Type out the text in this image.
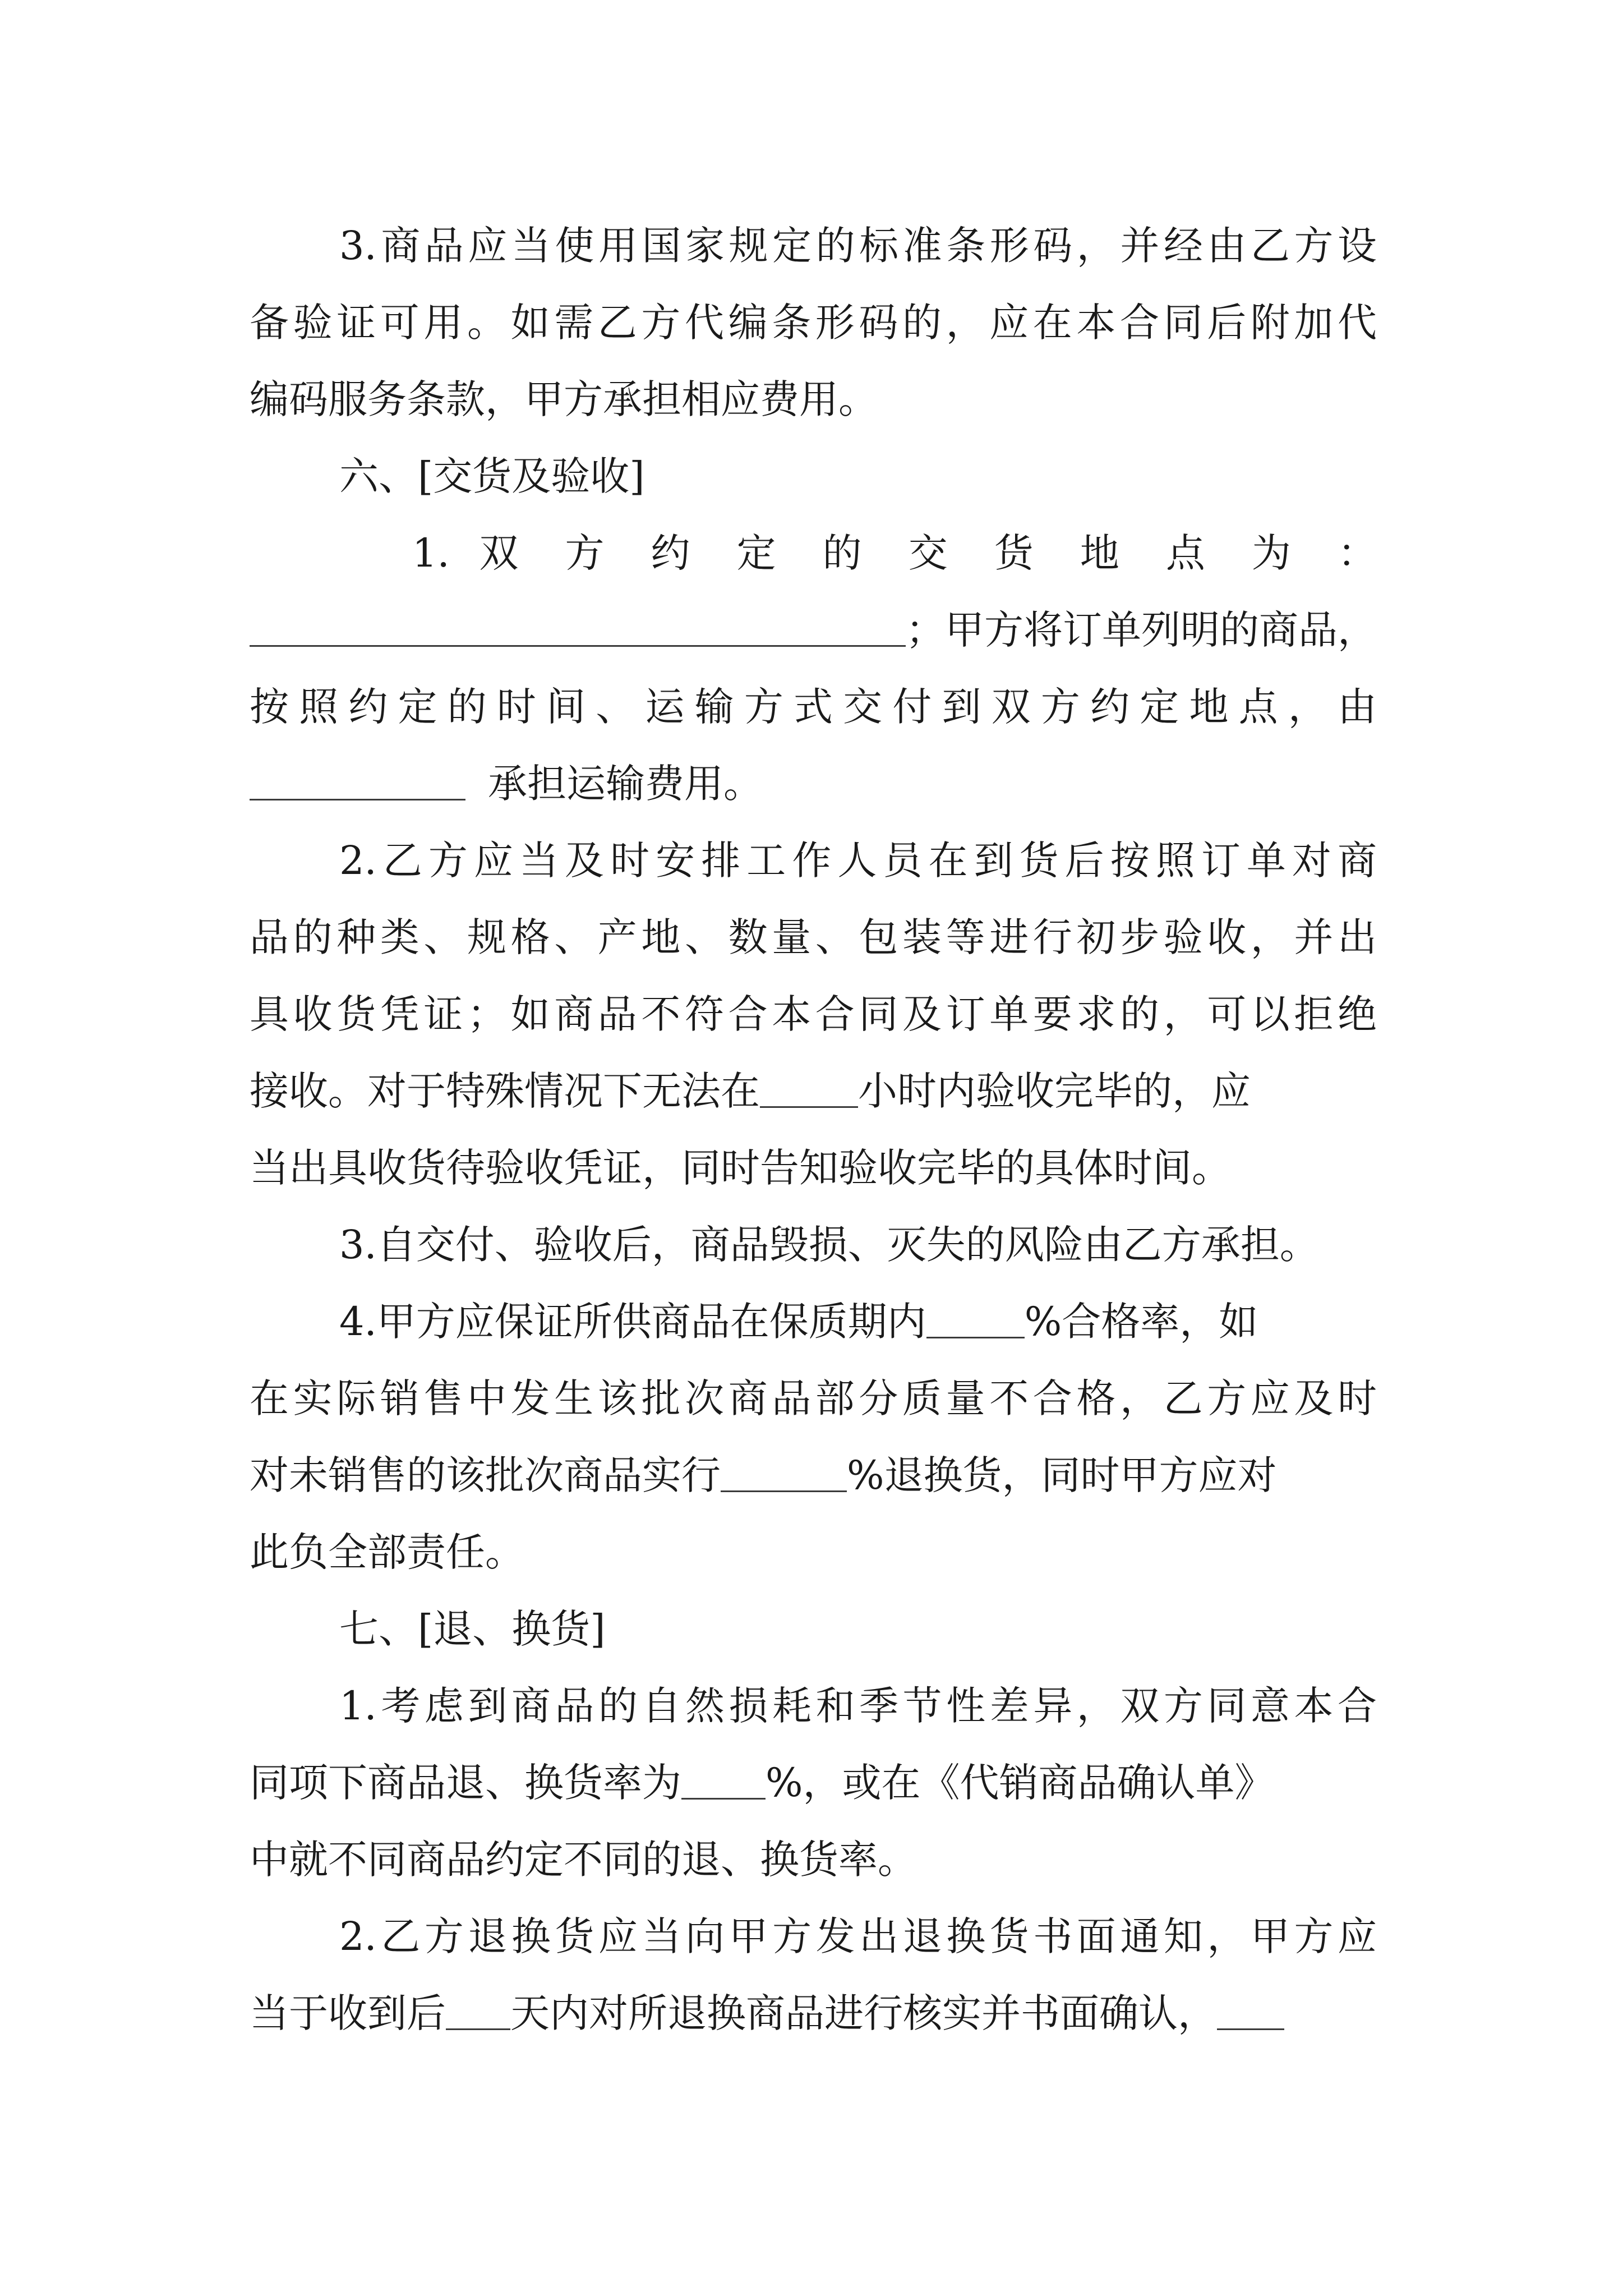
3.商品应当使用国家规定的标准条形码，并经由乙方设
备验证可用。如需乙方代编条形码的，应在本合同后附加代
编码服务条款，甲方承担相应费用。
六、[交货及验收]
1. 双 方 约 定 的 交 货 地 点 为 ：
；甲方将订单列明的商品，
按照约定的时间、运输方式交付到双方约定地点，由
承担运输费用。
2.乙方应当及时安排工作人员在到货后按照订单对商
品的种类、规格、产地、数量、包装等进行初步验收，并出
具收货凭证；如商品不符合本合同及订单要求的，可以拒绝
接收。对于特殊情况下无法在	小时内验收完毕的，应
当出具收货待验收凭证，同时告知验收完毕的具体时间。
3.自交付、验收后，商品毁损、灭失的风险由乙方承担。
4.甲方应保证所供商品在保质期内	%合格率，如
在实际销售中发生该批次商品部分质量不合格，乙方应及时
对未销售的该批次商品实行	%退换货，同时甲方应对
此负全部责任。
七、[退、换货]
1.考虑到商品的自然损耗和季节性差异，双方同意本合
同项下商品退、换货率为 %，或在《代销商品确认单》
中就不同商品约定不同的退、换货率。
2.乙方退换货应当向甲方发出退换货书面通知，甲方应
当于收到后 天内对所退换商品进行核实并书面确认，
